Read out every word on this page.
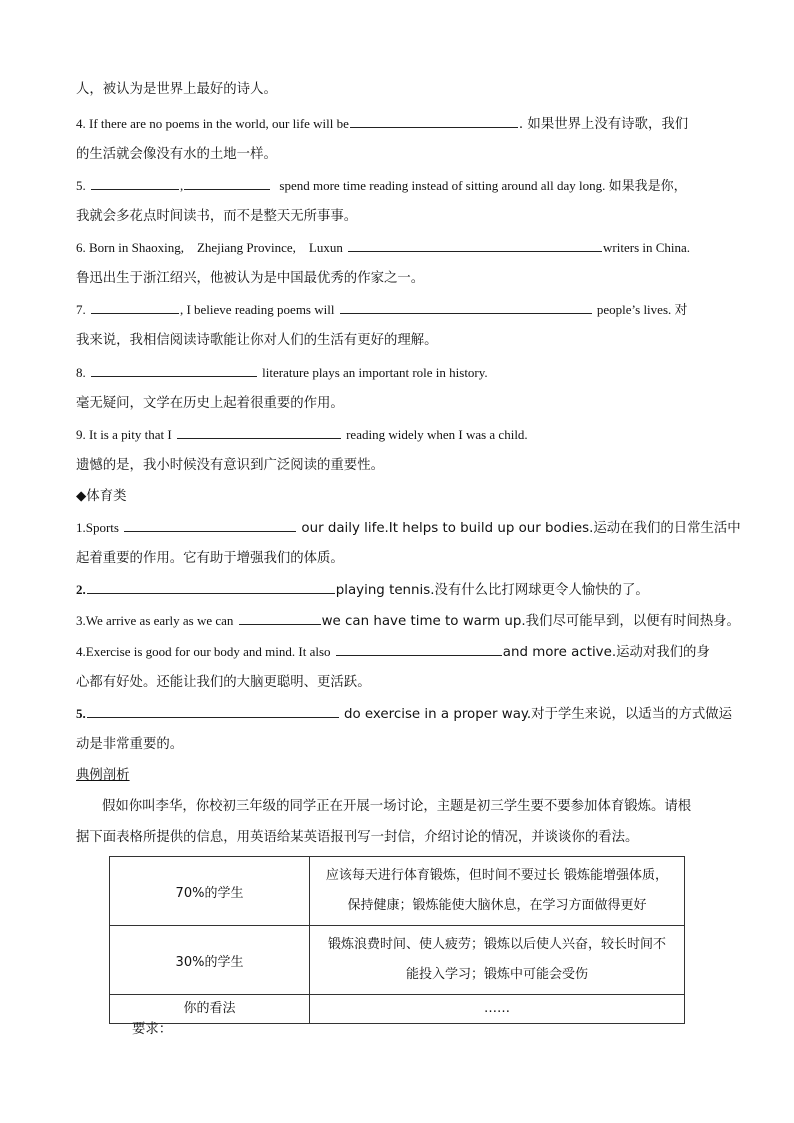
人，被认为是世界上最好的诗人。
4. If there are no poems in the world, our life will be	. 如果世界上没有诗歌，我们
的生活就会像没有水的土地一样。
5.	,	spend more time reading instead of sitting around all day long. 如果我是你，
我就会多花点时间读书，而不是整天无所事事。
6. Born in Shaoxing,    Zhejiang Province,    Luxun	writers in China.
鲁迅出生于浙江绍兴，他被认为是中国最优秀的作家之一。
7.	, I believe reading poems will	people’s lives. 对
我来说，我相信阅读诗歌能让你对人们的生活有更好的理解。
8.	literature plays an important role in history.
毫无疑问，文学在历史上起着很重要的作用。
9. It is a pity that I	reading widely when I was a child.
遗憾的是，我小时候没有意识到广泛阅读的重要性。
◆体育类
1.Sports	our daily life.It helps to build up our bodies.运动在我们的日常生活中
起着重要的作用。它有助于增强我们的体质。
2.	playing tennis.没有什么比打网球更令人愉快的了。
3.We arrive as early as we can	we can have time to warm up.我们尽可能早到，以便有时间热身。
4.Exercise is good for our body and mind. It also	and more active.运动对我们的身
心都有好处。还能让我们的大脑更聪明、更活跃。
5.	do exercise in a proper way.对于学生来说，以适当的方式做运
动是非常重要的。
典例剖析
假如你叫李华，你校初三年级的同学正在开展一场讨论，主题是初三学生要不要参加体育锻炼。请根
据下面表格所提供的信息，用英语给某英语报刊写一封信，介绍讨论的情况，并谈谈你的看法。
70%的学生	应该每天进行体育锻炼，但时间不要过长 锻炼能增强体质，
保持健康；锻炼能使大脑休息，在学习方面做得更好

30%的学生	锻炼浪费时间、使人疲劳；锻炼以后使人兴奋，较长时间不
能投入学习；锻炼中可能会受伤

你的看法	……
要求：
